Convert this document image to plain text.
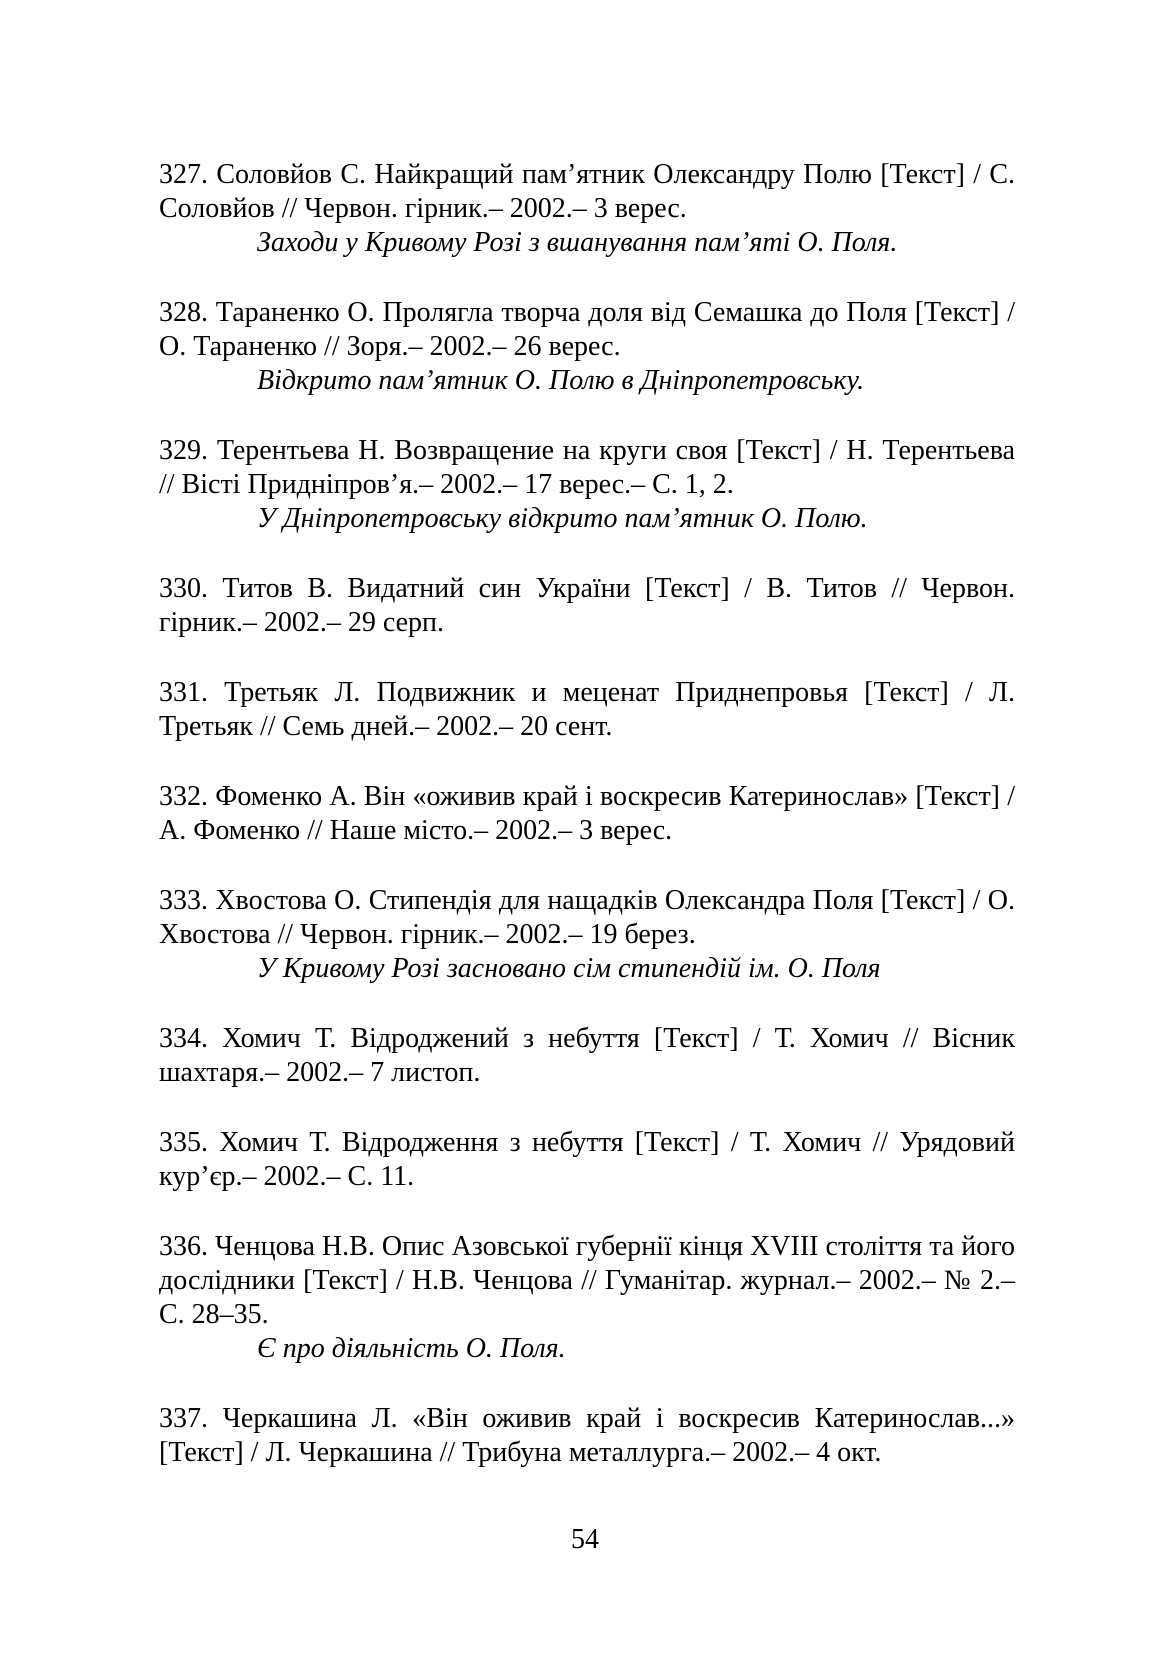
327. Соловйов С. Найкращий пам’ятник Олександру Полю [Текст] / С. Соловйов // Червон. гірник.– 2002.– 3 верес.
Заходи у Кривому Розі з вшанування пам’яті О. Поля.
328. Тараненко О. Пролягла творча доля від Семашка до Поля [Текст] / О. Тараненко // Зоря.– 2002.– 26 верес.
Відкрито пам’ятник О. Полю в Дніпропетровську.
329. Терентьева Н. Возвращение на круги своя [Текст] / Н. Терентьева // Вісті Придніпров’я.– 2002.– 17 верес.– С. 1, 2.
У Дніпропетровську відкрито пам’ятник О. Полю.
330. Титов В. Видатний син України [Текст] / В. Титов // Червон. гірник.– 2002.– 29 серп.
331. Третьяк Л. Подвижник и меценат Приднепровья [Текст] / Л. Третьяк // Семь дней.– 2002.– 20 сент.
332. Фоменко А. Він «оживив край і воскресив Катеринослав» [Текст] / А. Фоменко // Наше місто.– 2002.– 3 верес.
333. Хвостова О. Стипендія для нащадків Олександра Поля [Текст] / О. Хвостова // Червон. гірник.– 2002.– 19 берез.
У Кривому Розі засновано сім стипендій ім. О. Поля
334. Хомич Т. Відроджений з небуття [Текст] / Т. Хомич // Вісник шахтаря.– 2002.– 7 листоп.
335. Хомич Т. Відродження з небуття [Текст] / Т. Хомич // Урядовий кур’єр.– 2002.– С. 11.
336. Ченцова Н.В. Опис Азовської губернії кінця XVIII століття та його дослідники [Текст] / Н.В. Ченцова // Гуманітар. журнал.– 2002.– № 2.– С. 28–35.
Є про діяльність О. Поля.
337. Черкашина Л. «Він оживив край і воскресив Катеринослав...» [Текст] / Л. Черкашина // Трибуна металлурга.– 2002.– 4 окт.
54
